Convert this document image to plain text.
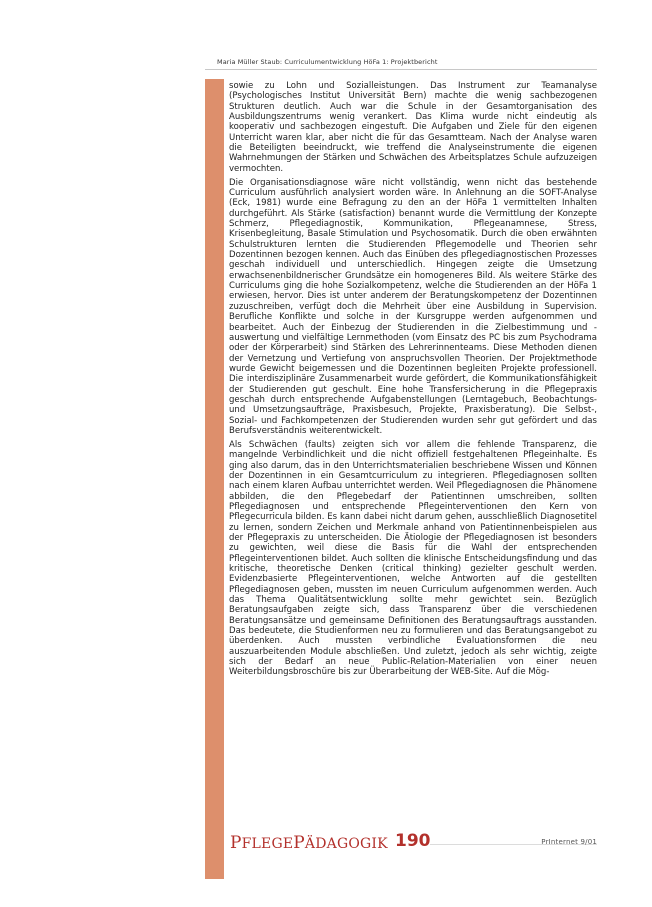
Maria Müller Staub: Curriculumentwicklung HöFa 1: Projektbericht

sowie zu Lohn und Sozialleistungen. Das Instrument zur Teamanalyse (Psychologisches Institut Universität Bern) machte die wenig sachbezogenen Strukturen deutlich. Auch war die Schule in der Gesamtorganisation des Ausbildungszentrums wenig verankert. Das Klima wurde nicht eindeutig als kooperativ und sachbezogen eingestuft. Die Aufgaben und Ziele für den eigenen Unterricht waren klar, aber nicht die für das Gesamtteam. Nach der Analyse waren die Beteiligten beeindruckt, wie treffend die Analyseinstrumente die eigenen Wahrnehmungen der Stärken und Schwächen des Arbeitsplatzes Schule aufzuzeigen vermochten.

Die Organisationsdiagnose wäre nicht vollständig, wenn nicht das bestehende Curriculum ausführlich analysiert worden wäre. In Anlehnung an die SOFT-Analyse (Eck, 1981) wurde eine Befragung zu den an der HöFa 1 vermittelten Inhalten durchgeführt. Als Stärke (satisfaction) benannt wurde die Vermittlung der Konzepte Schmerz, Pflegediagnostik, Kommunikation, Pflegeanamnese, Stress, Krisenbegleitung, Basale Stimulation und Psychosomatik. Durch die oben erwähnten Schulstrukturen lernten die Studierenden Pflegemodelle und Theorien sehr Dozentinnen bezogen kennen. Auch das Einüben des pflegediagnostischen Prozesses geschah individuell und unterschiedlich. Hingegen zeigte die Umsetzung erwachsenenbildnerischer Grundsätze ein homogeneres Bild. Als weitere Stärke des Curriculums ging die hohe Sozialkompetenz, welche die Studierenden an der HöFa 1 erwiesen, hervor. Dies ist unter anderem der Beratungskompetenz der Dozentinnen zuzuschreiben, verfügt doch die Mehrheit über eine Ausbildung in Supervision. Berufliche Konflikte und solche in der Kursgruppe werden aufgenommen und bearbeitet. Auch der Einbezug der Studierenden in die Zielbestimmung und -auswertung und vielfältige Lernmethoden (vom Einsatz des PC bis zum Psychodrama oder der Körperarbeit) sind Stärken des Lehrerinnenteams. Diese Methoden dienen der Vernetzung und Vertiefung von anspruchsvollen Theorien. Der Projektmethode wurde Gewicht beigemessen und die Dozentinnen begleiten Projekte professionell. Die interdisziplinäre Zusammenarbeit wurde gefördert, die Kommunikationsfähigkeit der Studierenden gut geschult. Eine hohe Transfersicherung in die Pflegepraxis geschah durch entsprechende Aufgabenstellungen (Lerntagebuch, Beobachtungs- und Umsetzungsaufträge, Praxisbesuch, Projekte, Praxisberatung). Die Selbst-, Sozial- und Fachkompetenzen der Studierenden wurden sehr gut gefördert und das Berufsverständnis weiterentwickelt.

Als Schwächen (faults) zeigten sich vor allem die fehlende Transparenz, die mangelnde Verbindlichkeit und die nicht offiziell festgehaltenen Pflegeinhalte. Es ging also darum, das in den Unterrichtsmaterialien beschriebene Wissen und Können der Dozentinnen in ein Gesamtcurriculum zu integrieren. Pflegediagnosen sollten nach einem klaren Aufbau unterrichtet werden. Weil Pflegediagnosen die Phänomene abbilden, die den Pflegebedarf der Patientinnen umschreiben, sollten Pflegediagnosen und entsprechende Pflegeinterventionen den Kern von Pflegecurricula bilden. Es kann dabei nicht darum gehen, ausschließlich Diagnosetitel zu lernen, sondern Zeichen und Merkmale anhand von Patientinnenbeispielen aus der Pflegepraxis zu unterscheiden. Die Ätiologie der Pflegediagnosen ist besonders zu gewichten, weil diese die Basis für die Wahl der entsprechenden Pflegeinterventionen bildet. Auch sollten die klinische Entscheidungsfindung und das kritische, theoretische Denken (critical thinking) gezielter geschult werden. Evidenzbasierte Pflegeinterventionen, welche Antworten auf die gestellten Pflegediagnosen geben, mussten im neuen Curriculum aufgenommen werden. Auch das Thema Qualitätsentwicklung sollte mehr gewichtet sein. Bezüglich Beratungsaufgaben zeigte sich, dass Transparenz über die verschiedenen Beratungsansätze und gemeinsame Definitionen des Beratungsauftrags ausstanden. Das bedeutete, die Studienformen neu zu formulieren und das Beratungsangebot zu überdenken. Auch mussten verbindliche Evaluationsformen die neu auszuarbeitenden Module abschließen. Und zuletzt, jedoch als sehr wichtig, zeigte sich der Bedarf an neue Public-Relation-Materialien von einer neuen Weiterbildungsbroschüre bis zur Überarbeitung der WEB-Site. Auf die Mög-

PFLEGEPÄDAGOGIK 190	PrInternet 9/01
